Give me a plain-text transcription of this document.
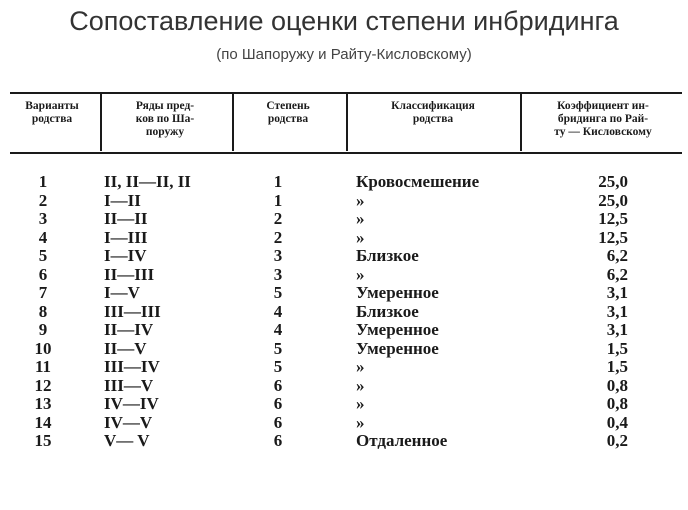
Сопоставление оценки степени инбридинга
(по Шапоружу и Райту-Кисловскому)
Варианты
родства
Ряды пред-
ков по Ша-
поружу
Степень
родства
Классификация
родства
Коэффициент ин-
бридинга по Рай-
ту — Кисловскому
1	II, II—II, II	1	Кровосмешение	25,0
2	I—II	1	»	25,0
3	II—II	2	»	12,5
4	I—III	2	»	12,5
5	I—IV	3	Близкое	6,2
6	II—III	3	»	6,2
7	I—V	5	Умеренное	3,1
8	III—III	4	Близкое	3,1
9	II—IV	4	Умеренное	3,1
10	II—V	5	Умеренное	1,5
11	III—IV	5	»	1,5
12	III—V	6	»	0,8
13	IV—IV	6	»	0,8
14	IV—V	6	»	0,4
15	V— V	6	Отдаленное	0,2
